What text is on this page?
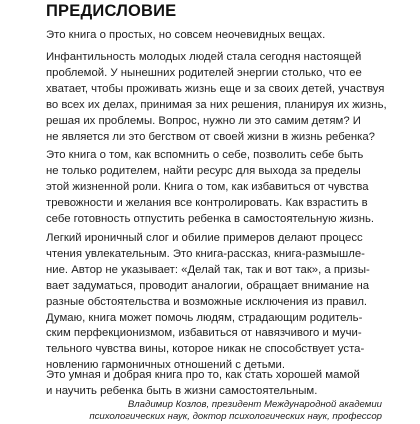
ПРЕДИСЛОВИЕ
Это книга о простых, но совсем неочевидных вещах.
Инфантильность молодых людей стала сегодня настоящей
проблемой. У нынешних родителей энергии столько, что ее
хватает, чтобы проживать жизнь еще и за своих детей, участвуя
во всех их делах, принимая за них решения, планируя их жизнь,
решая их проблемы. Вопрос, нужно ли это самим детям? И
не является ли это бегством от своей жизни в жизнь ребенка?
Это книга о том, как вспомнить о себе, позволить себе быть
не только родителем, найти ресурс для выхода за пределы
этой жизненной роли. Книга о том, как избавиться от чувства
тревожности и желания все контролировать. Как взрастить в
себе готовность отпустить ребенка в самостоятельную жизнь.
Легкий ироничный слог и обилие примеров делают процесс
чтения увлекательным. Это книга-рассказ, книга-размышле-
ние. Автор не указывает: «Делай так, так и вот так», а призы-
вает задуматься, проводит аналогии, обращает внимание на
разные обстоятельства и возможные исключения из правил.
Думаю, книга может помочь людям, страдающим родитель-
ским перфекционизмом, избавиться от навязчивого и мучи-
тельного чувства вины, которое никак не способствует уста-
новлению гармоничных отношений с детьми.
Это умная и добрая книга про то, как стать хорошей мамой
и научить ребенка быть в жизни самостоятельным.
Владимир Козлов, президент Международной академии
психологических наук, доктор психологических наук, профессор
